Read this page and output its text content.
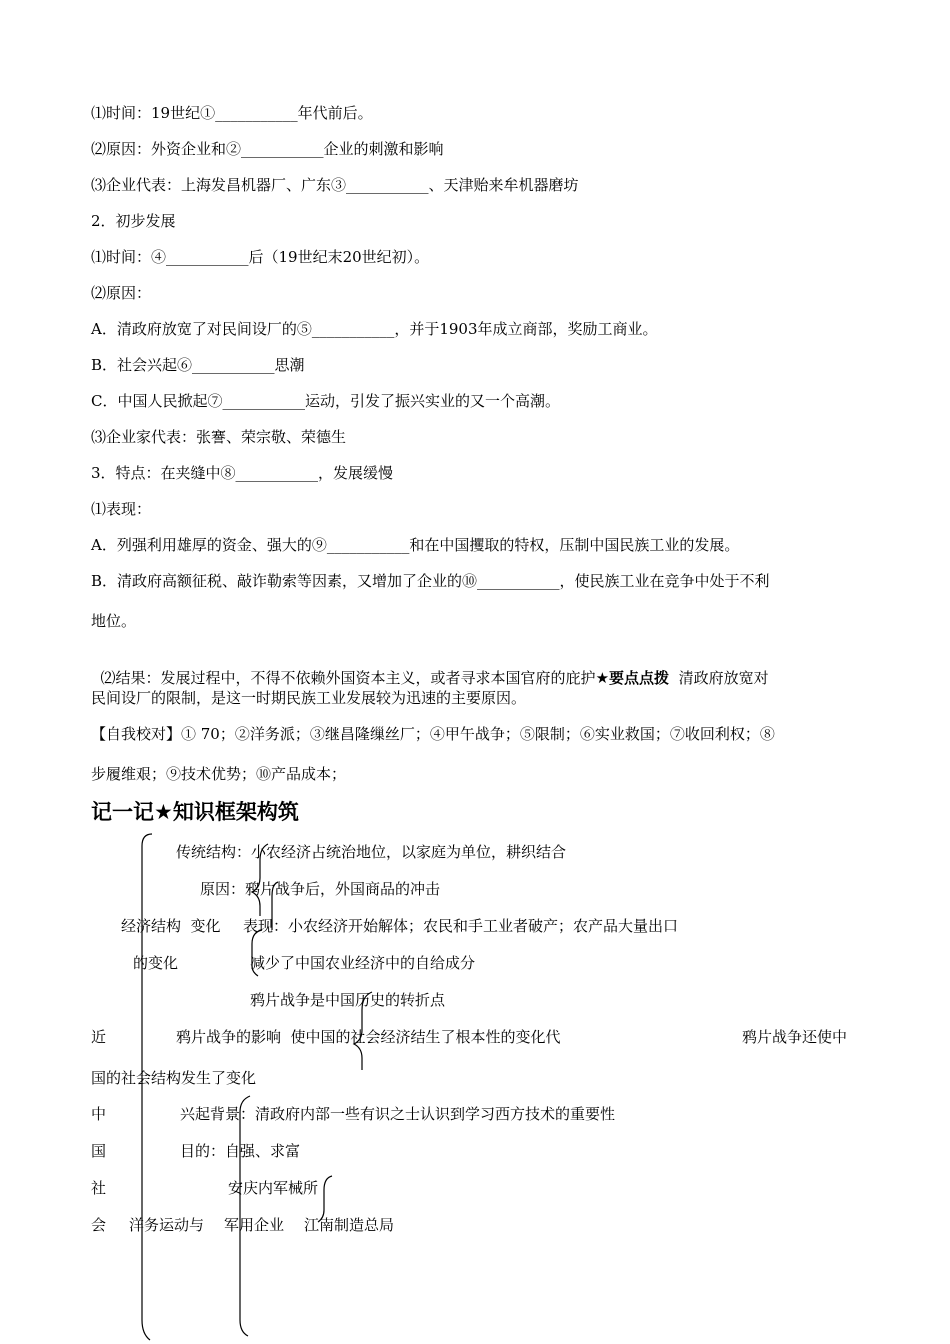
⑴时间：19世纪①___________年代前后。
⑵原因：外资企业和②___________企业的刺激和影响
⑶企业代表：上海发昌机器厂、广东③___________、天津贻来牟机器磨坊
2．初步发展
⑴时间：④___________后（19世纪末20世纪初）。
⑵原因：
A．清政府放宽了对民间设厂的⑤___________，并于1903年成立商部，奖励工商业。
B．社会兴起⑥___________思潮
C．中国人民掀起⑦___________运动，引发了振兴实业的又一个高潮。
⑶企业家代表：张謇、荣宗敬、荣德生
3．特点：在夹缝中⑧___________，发展缓慢
⑴表现：
A．列强利用雄厚的资金、强大的⑨___________和在中国攫取的特权，压制中国民族工业的发展。
B．清政府高额征税、敲诈勒索等因素，又增加了企业的⑩___________，使民族工业在竞争中处于不利
地位。

⑵结果：发展过程中，不得不依赖外国资本主义，或者寻求本国官府的庇护★要点点拨 清政府放宽对

民间设厂的限制，是这一时期民族工业发展较为迅速的主要原因。
【自我校对】① 70；②洋务派；③继昌隆缫丝厂；④甲午战争；⑤限制；⑥实业救国；⑦收回利权；⑧
步履维艰；⑨技术优势；⑩产品成本；
记一记★知识框架构筑
传统结构：小农经济占统治地位，以家庭为单位，耕织结合
原因：鸦片战争后，外国商品的冲击
经济结构  变化 表现：小农经济开始解体；农民和手工业者破产；农产品大量出口
的变化	减少了中国农业经济中的自给成分
鸦片战争是中国历史的转折点
近	鸦片战争的影响  使中国的社会经济结生了根本性的变化代	鸦片战争还使中
国的社会结构发生了变化
中	兴起背景：清政府内部一些有识之士认识到学习西方技术的重要性
国	目的：自强、求富
社	安庆内军械所
会 洋务运动与 军用企业 江南制造总局
